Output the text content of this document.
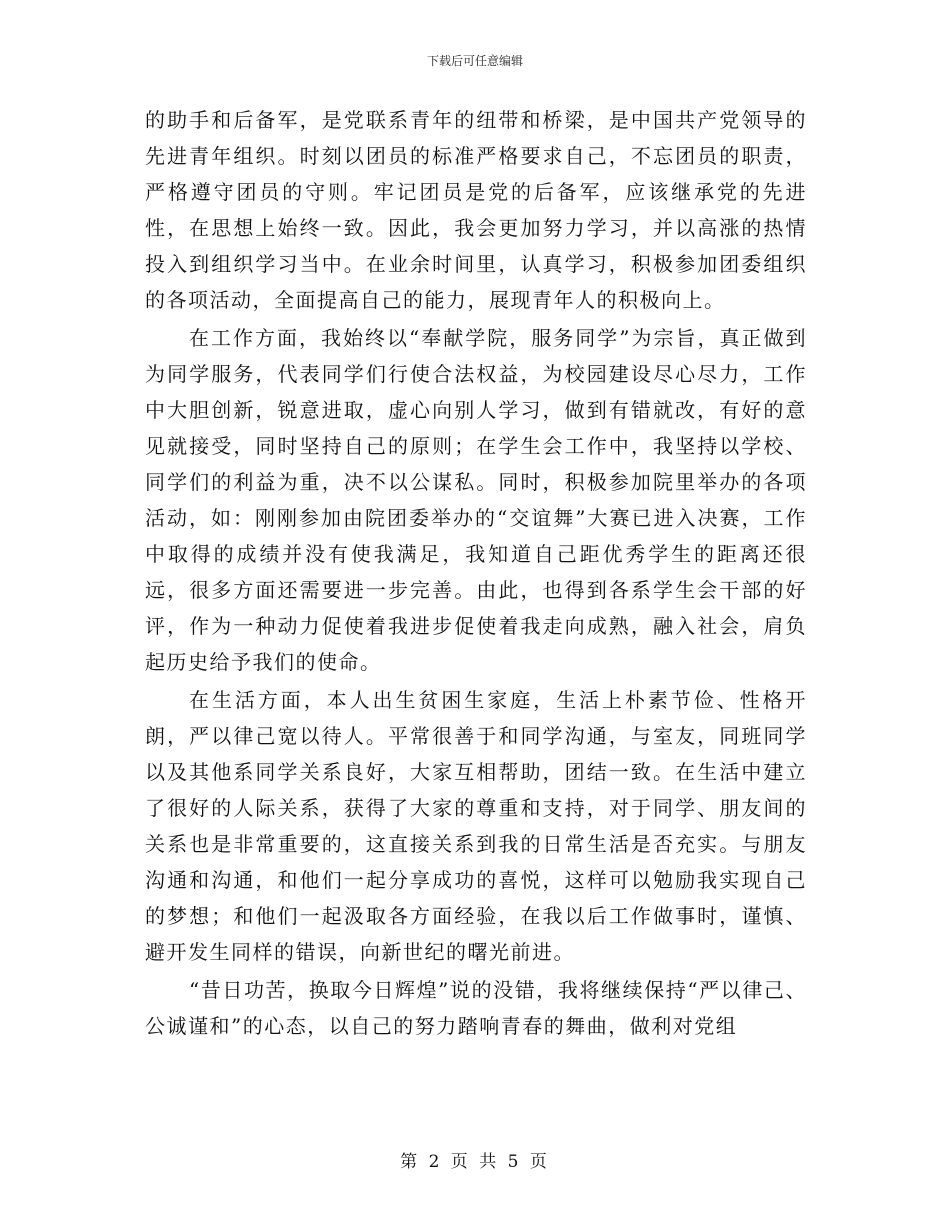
下载后可任意编辑

的助手和后备军，是党联系青年的纽带和桥梁，是中国共产党领导的先进青年组织。时刻以团员的标准严格要求自己，不忘团员的职责，严格遵守团员的守则。牢记团员是党的后备军，应该继承党的先进性，在思想上始终一致。因此，我会更加努力学习，并以高涨的热情投入到组织学习当中。在业余时间里，认真学习，积极参加团委组织的各项活动，全面提高自己的能力，展现青年人的积极向上。

在工作方面，我始终以“奉献学院，服务同学”为宗旨，真正做到为同学服务，代表同学们行使合法权益，为校园建设尽心尽力，工作中大胆创新，锐意进取，虚心向别人学习，做到有错就改，有好的意见就接受，同时坚持自己的原则；在学生会工作中，我坚持以学校、同学们的利益为重，决不以公谋私。同时，积极参加院里举办的各项活动，如：刚刚参加由院团委举办的“交谊舞”大赛已进入决赛，工作中取得的成绩并没有使我满足，我知道自己距优秀学生的距离还很远，很多方面还需要进一步完善。由此，也得到各系学生会干部的好评，作为一种动力促使着我进步促使着我走向成熟，融入社会，肩负起历史给予我们的使命。

在生活方面，本人出生贫困生家庭，生活上朴素节俭、性格开朗，严以律己宽以待人。平常很善于和同学沟通，与室友，同班同学以及其他系同学关系良好，大家互相帮助，团结一致。在生活中建立了很好的人际关系，获得了大家的尊重和支持，对于同学、朋友间的关系也是非常重要的，这直接关系到我的日常生活是否充实。与朋友沟通和沟通，和他们一起分享成功的喜悦，这样可以勉励我实现自己的梦想；和他们一起汲取各方面经验，在我以后工作做事时，谨慎、避开发生同样的错误，向新世纪的曙光前进。

“昔日功苦，换取今日辉煌”说的没错，我将继续保持“严以律己、公诚谨和”的心态，以自己的努力踏响青春的舞曲，做利对党组

第 2 页 共 5 页
